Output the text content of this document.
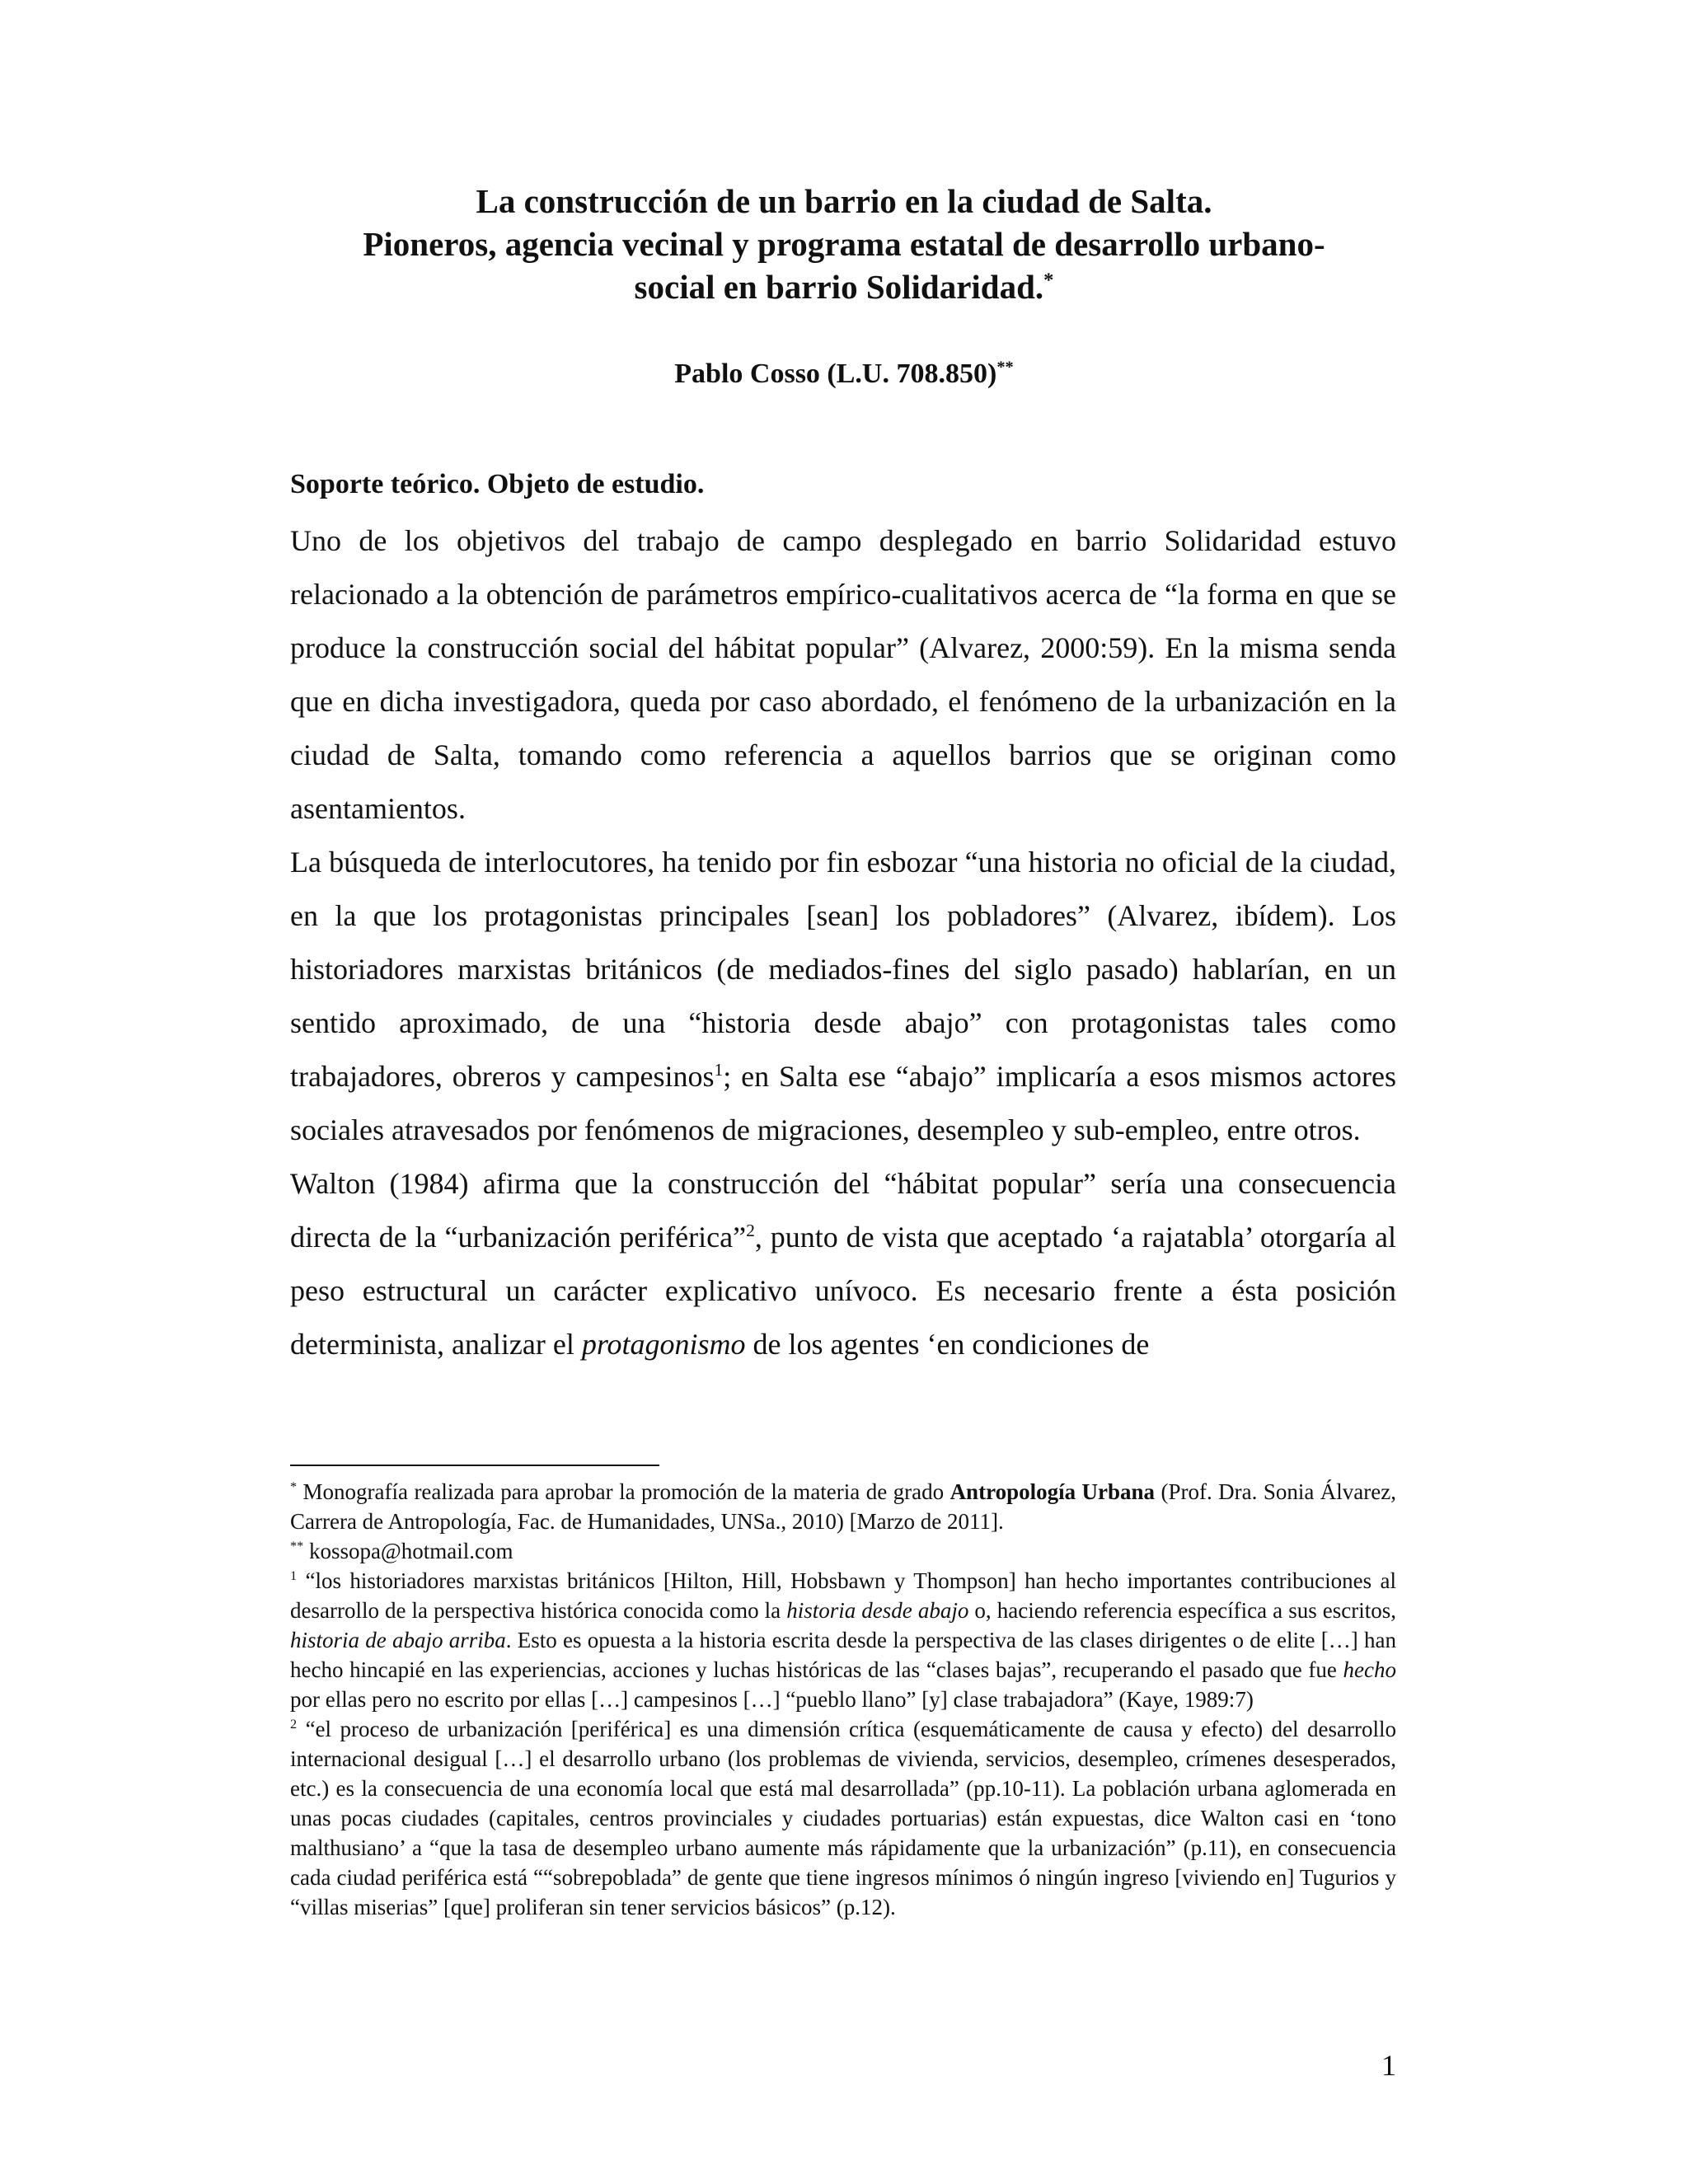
La construcción de un barrio en la ciudad de Salta.
Pioneros, agencia vecinal y programa estatal de desarrollo urbano-
social en barrio Solidaridad.*
Pablo Cosso (L.U. 708.850)**
Soporte teórico. Objeto de estudio.

Uno de los objetivos del trabajo de campo desplegado en barrio Solidaridad estuvo relacionado a la obtención de parámetros empírico-cualitativos acerca de “la forma en que se produce la construcción social del hábitat popular” (Alvarez, 2000:59). En la misma senda que en dicha investigadora, queda por caso abordado, el fenómeno de la urbanización en la ciudad de Salta, tomando como referencia a aquellos barrios que se originan como asentamientos.

La búsqueda de interlocutores, ha tenido por fin esbozar “una historia no oficial de la ciudad, en la que los protagonistas principales [sean] los pobladores” (Alvarez, ibídem). Los historiadores marxistas británicos (de mediados-fines del siglo pasado) hablarían, en un sentido aproximado, de una “historia desde abajo” con protagonistas tales como trabajadores, obreros y campesinos$^1$; en Salta ese “abajo” implicaría a esos mismos actores sociales atravesados por fenómenos de migraciones, desempleo y sub-empleo, entre otros.

Walton (1984) afirma que la construcción del “hábitat popular” sería una consecuencia directa de la “urbanización periférica”$^2$, punto de vista que aceptado ‘a rajatabla’ otorgaría al peso estructural un carácter explicativo unívoco. Es necesario frente a ésta posición determinista, analizar el protagonismo de los agentes ‘en condiciones de

* Monografía realizada para aprobar la promoción de la materia de grado Antropología Urbana (Prof. Dra. Sonia Álvarez, Carrera de Antropología, Fac. de Humanidades, UNSa., 2010) [Marzo de 2011].

** kossopa@hotmail.com

$^1$ “los historiadores marxistas británicos [Hilton, Hill, Hobsbawn y Thompson] han hecho importantes contribuciones al desarrollo de la perspectiva histórica conocida como la historia desde abajo o, haciendo referencia específica a sus escritos, historia de abajo arriba. Esto es opuesta a la historia escrita desde la perspectiva de las clases dirigentes o de elite […] han hecho hincapié en las experiencias, acciones y luchas históricas de las “clases bajas”, recuperando el pasado que fue hecho por ellas pero no escrito por ellas […] campesinos […] “pueblo llano” [y] clase trabajadora” (Kaye, 1989:7)

$^2$ “el proceso de urbanización [periférica] es una dimensión crítica (esquemáticamente de causa y efecto) del desarrollo internacional desigual […] el desarrollo urbano (los problemas de vivienda, servicios, desempleo, crímenes desesperados, etc.) es la consecuencia de una economía local que está mal desarrollada” (pp.10-11). La población urbana aglomerada en unas pocas ciudades (capitales, centros provinciales y ciudades portuarias) están expuestas, dice Walton casi en ‘tono malthusiano’ a “que la tasa de desempleo urbano aumente más rápidamente que la urbanización” (p.11), en consecuencia cada ciudad periférica está ““sobrepoblada” de gente que tiene ingresos mínimos ó ningún ingreso [viviendo en] Tugurios y “villas miserias” [que] proliferan sin tener servicios básicos” (p.12).

1
